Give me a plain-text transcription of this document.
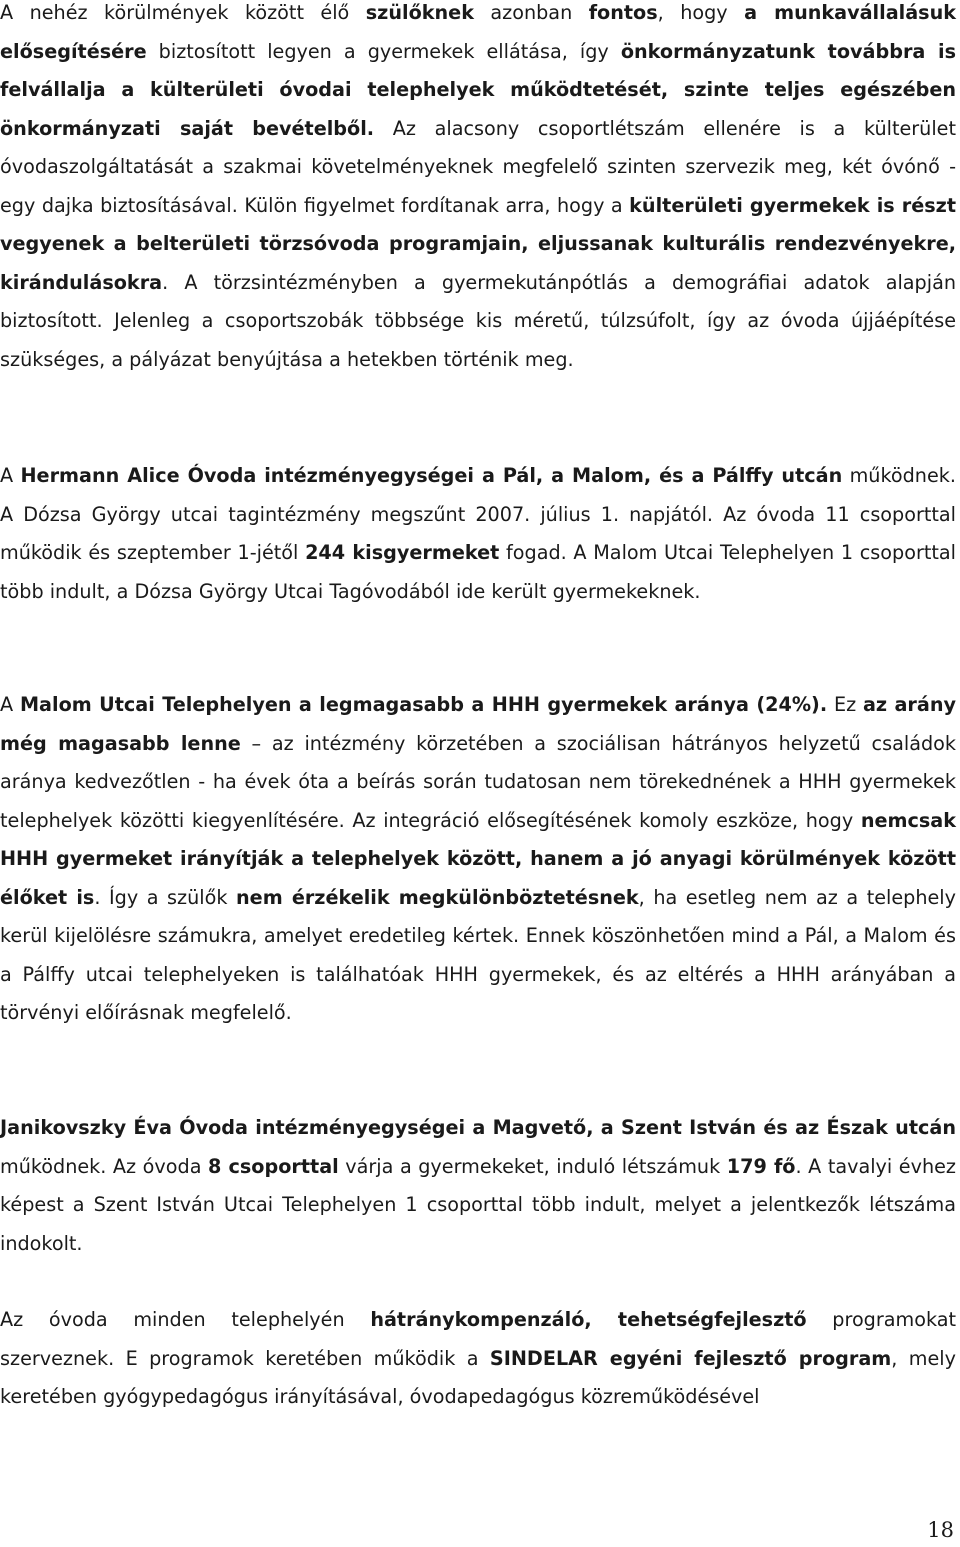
A nehéz körülmények között élő szülőknek azonban fontos, hogy a munkavállalásuk elősegítésére biztosított legyen a gyermekek ellátása, így önkormányzatunk továbbra is felvállalja a külterületi óvodai telephelyek működtetését, szinte teljes egészében önkormányzati saját bevételből. Az alacsony csoportlétszám ellenére is a külterület óvodaszolgáltatását a szakmai követelményeknek megfelelő szinten szervezik meg, két óvónő - egy dajka biztosításával. Külön figyelmet fordítanak arra, hogy a külterületi gyermekek is részt vegyenek a belterületi törzsóvoda programjain, eljussanak kulturális rendezvényekre, kirándulásokra. A törzsintézményben a gyermekutánpótlás a demográfiai adatok alapján biztosított. Jelenleg a csoportszobák többsége kis méretű, túlzsúfolt, így az óvoda újjáépítése szükséges, a pályázat benyújtása a hetekben történik meg.

A Hermann Alice Óvoda intézményegységei a Pál, a Malom, és a Pálffy utcán működnek. A Dózsa György utcai tagintézmény megszűnt 2007. július 1. napjától. Az óvoda 11 csoporttal működik és szeptember 1-jétől 244 kisgyermeket fogad. A Malom Utcai Telephelyen 1 csoporttal több indult, a Dózsa György Utcai Tagóvodából ide került gyermekeknek.

A Malom Utcai Telephelyen a legmagasabb a HHH gyermekek aránya (24%). Ez az arány még magasabb lenne – az intézmény körzetében a szociálisan hátrányos helyzetű családok aránya kedvezőtlen - ha évek óta a beírás során tudatosan nem törekednének a HHH gyermekek telephelyek közötti kiegyenlítésére. Az integráció elősegítésének komoly eszköze, hogy nemcsak HHH gyermeket irányítják a telephelyek között, hanem a jó anyagi körülmények között élőket is. Így a szülők nem érzékelik megkülönböztetésnek, ha esetleg nem az a telephely kerül kijelölésre számukra, amelyet eredetileg kértek. Ennek köszönhetően mind a Pál, a Malom és a Pálffy utcai telephelyeken is találhatóak HHH gyermekek, és az eltérés a HHH arányában a törvényi előírásnak megfelelő.

Janikovszky Éva Óvoda intézményegységei a Magvető, a Szent István és az Észak utcán működnek. Az óvoda 8 csoporttal várja a gyermekeket, induló létszámuk 179 fő. A tavalyi évhez képest a Szent István Utcai Telephelyen 1 csoporttal több indult, melyet a jelentkezők létszáma indokolt.

Az óvoda minden telephelyén hátránykompenzáló, tehetségfejlesztő programokat szerveznek. E programok keretében működik a SINDELAR egyéni fejlesztő program, mely keretében gyógypedagógus irányításával, óvodapedagógus közreműködésével

18
